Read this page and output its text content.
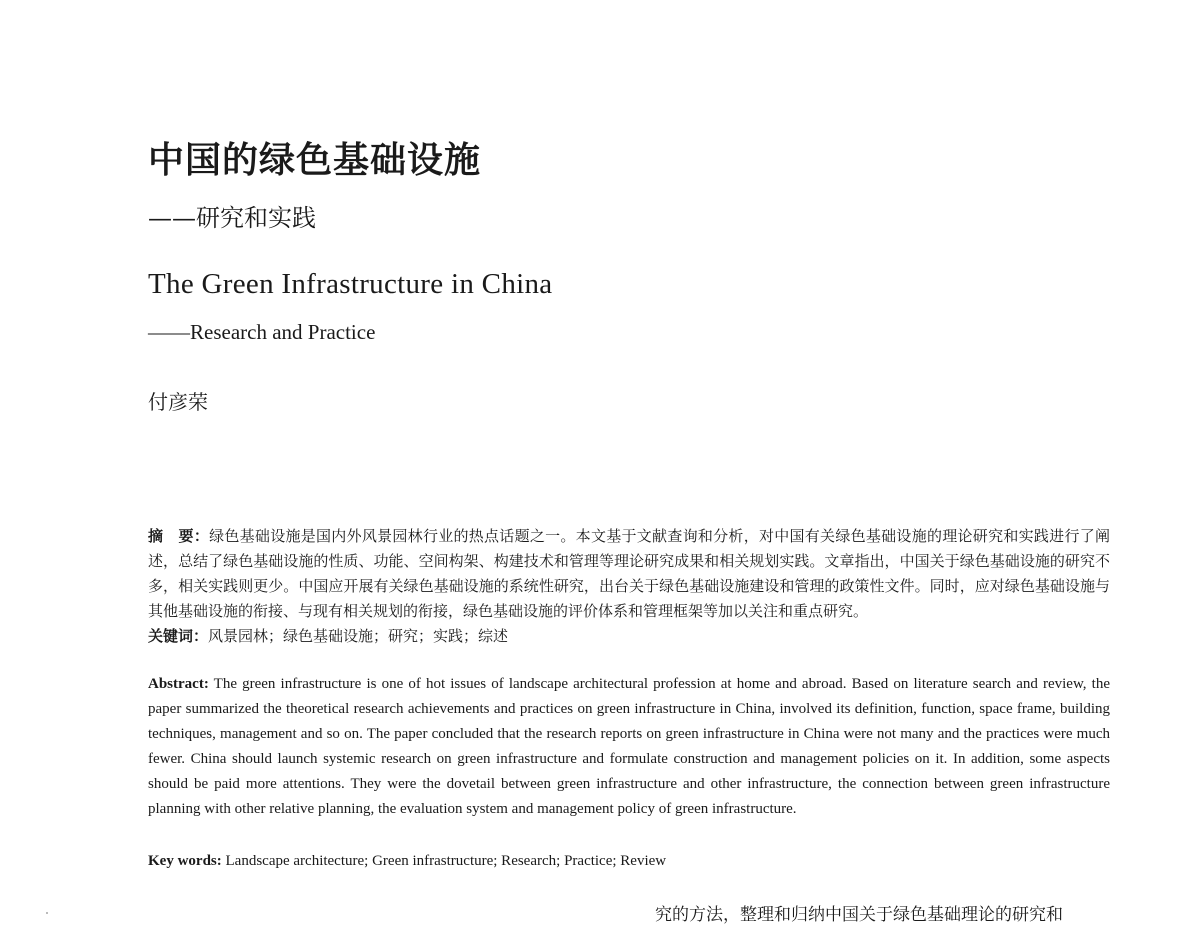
中国的绿色基础设施
——研究和实践
The Green Infrastructure in China
——Research and Practice
付彦荣
摘　要：绿色基础设施是国内外风景园林行业的热点话题之一。本文基于文献查询和分析，对中国有关绿色基础设施的理论研究和实践进行了阐述，总结了绿色基础设施的性质、功能、空间构架、构建技术和管理等理论研究成果和相关规划实践。文章指出，中国关于绿色基础设施的研究不多，相关实践则更少。中国应开展有关绿色基础设施的系统性研究，出台关于绿色基础设施建设和管理的政策性文件。同时，应对绿色基础设施与其他基础设施的衔接、与现有相关规划的衔接，绿色基础设施的评价体系和管理框架等加以关注和重点研究。
关键词：风景园林；绿色基础设施；研究；实践；综述
Abstract: The green infrastructure is one of hot issues of landscape architectural profession at home and abroad. Based on literature search and review, the paper summarized the theoretical research achievements and practices on green infrastructure in China, involved its definition, function, space frame, building techniques, management and so on. The paper concluded that the research reports on green infrastructure in China were not many and the practices were much fewer. China should launch systemic research on green infrastructure and formulate construction and management policies on it. In addition, some aspects should be paid more attentions. They were the dovetail between green infrastructure and other infrastructure, the connection between green infrastructure planning with other relative planning, the evaluation system and management policy of green infrastructure.
Key words: Landscape architecture; Green infrastructure; Research; Practice; Review
究的方法，整理和归纳中国关于绿色基础理论的研究和
